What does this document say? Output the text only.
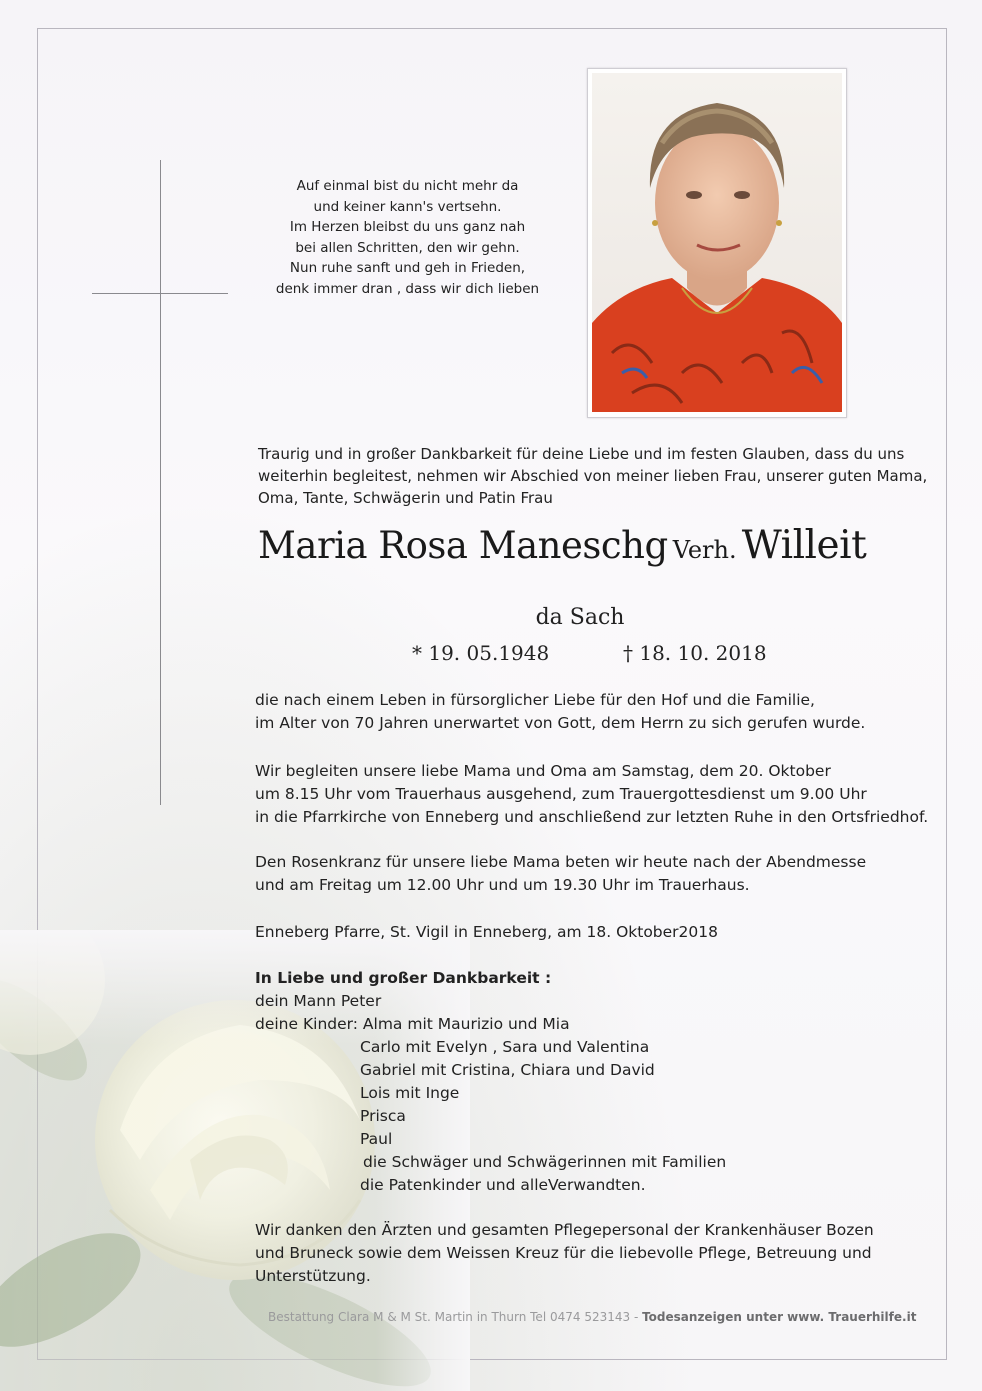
Auf einmal bist du nicht mehr da
und keiner kann's vertsehn.
Im Herzen bleibst du uns ganz nah
bei allen Schritten, den wir gehn.
Nun ruhe sanft und geh in Frieden,
denk immer dran , dass wir dich lieben
Traurig und in großer Dankbarkeit für deine Liebe und im festen Glauben, dass du uns
weiterhin begleitest, nehmen wir Abschied von meiner lieben Frau, unserer guten Mama,
Oma, Tante, Schwägerin und Patin Frau
Maria Rosa Maneschg Verh. Willeit
da Sach
* 19. 05.1948	† 18. 10. 2018
die nach einem Leben in fürsorglicher Liebe für den Hof und die Familie,
im Alter von 70 Jahren unerwartet von Gott, dem Herrn zu sich gerufen wurde.
Wir begleiten unsere liebe Mama und Oma am Samstag, dem 20. Oktober
um 8.15 Uhr vom Trauerhaus ausgehend, zum Trauergottesdienst um 9.00 Uhr
in die Pfarrkirche von Enneberg und anschließend zur letzten Ruhe in den Ortsfriedhof.
Den Rosenkranz für unsere liebe Mama beten wir heute nach der Abendmesse
und am Freitag um 12.00 Uhr und um 19.30 Uhr im Trauerhaus.
Enneberg Pfarre, St. Vigil in Enneberg, am 18. Oktober2018
In Liebe und großer Dankbarkeit :
dein Mann Peter
deine Kinder: Alma mit Maurizio und Mia
Carlo mit Evelyn , Sara und Valentina
Gabriel mit Cristina, Chiara und David
Lois mit Inge
Prisca
Paul
die Schwäger und Schwägerinnen mit Familien
die Patenkinder und alleVerwandten.
Wir danken den Ärzten und gesamten Pflegepersonal der Krankenhäuser Bozen
und Bruneck sowie dem Weissen Kreuz für die liebevolle Pflege, Betreuung und
Unterstützung.
Bestattung Clara M & M St. Martin in Thurn Tel 0474 523143 - Todesanzeigen unter www. Trauerhilfe.it
